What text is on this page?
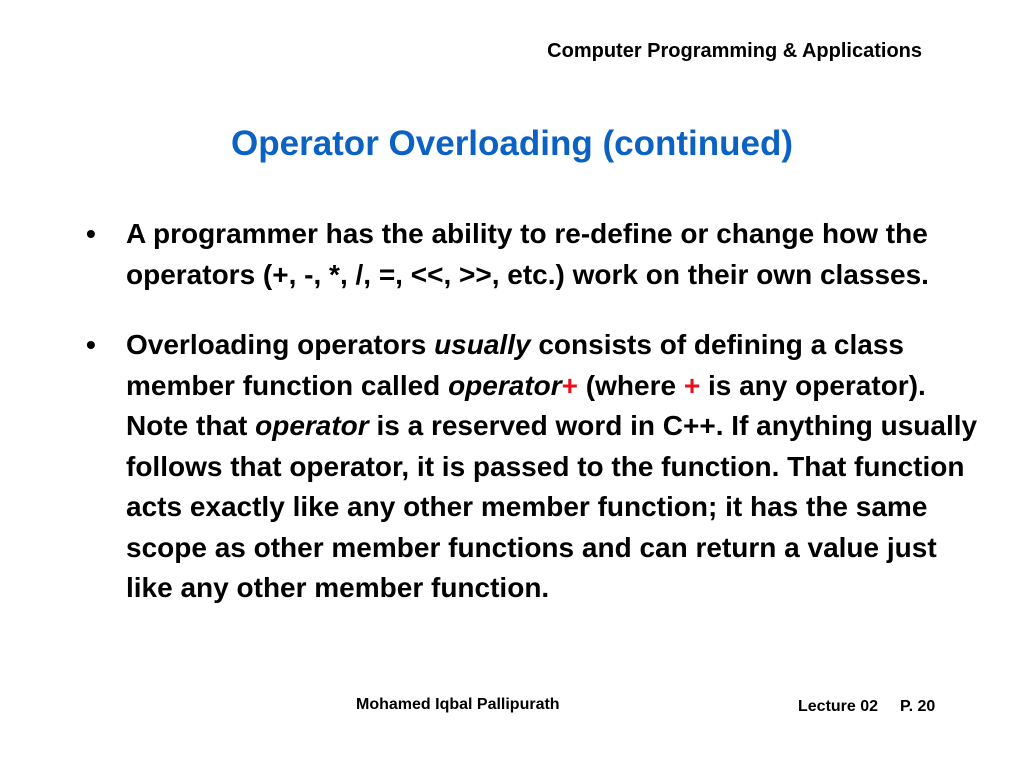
Computer Programming & Applications
Operator Overloading (continued)
• A programmer has the ability to re-define or change how the operators (+, -, *, /, =, <<, >>, etc.) work on their own classes.
• Overloading operators usually consists of defining a class member function called operator+ (where + is any operator). Note that operator is a reserved word in C++. If anything usually follows that operator, it is passed to the function. That function acts exactly like any other member function; it has the same scope as other member functions and can return a value just like any other member function.
Mohamed Iqbal Pallipurath	Lecture 02 P. 20
